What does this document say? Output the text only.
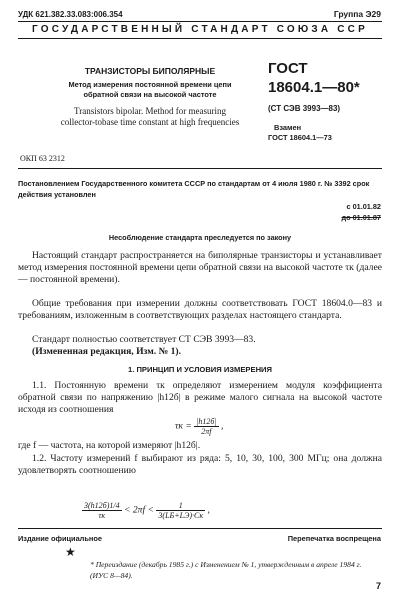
УДК 621.382.33.083:006.354	Группа Э29
ГОСУДАРСТВЕННЫЙ СТАНДАРТ СОЮЗА ССР
ТРАНЗИСТОРЫ БИПОЛЯРНЫЕ
Метод измерения постоянной времени цепи
обратной связи на высокой частоте
Transistors bipolar. Method for measuring
collector-tobase time constant at high frequencies
ГОСТ
18604.1—80*
(СТ СЭВ 3993—83)
Взамен
ГОСТ 18604.1—73
ОКП 63 2312
Постановлением Государственного комитета СССР по стандартам от 4 июля 1980 г. № 3392 срок действия установлен
с 01.01.82
до 01.01.87
Несоблюдение стандарта преследуется по закону
Настоящий стандарт распространяется на биполярные транзисторы и устанавливает метод измерения постоянной времени цепи обратной связи на высокой частоте τк (далее — постоянной времени).
Общие требования при измерении должны соответствовать ГОСТ 18604.0—83 и требованиям, изложенным в соответствующих разделах настоящего стандарта.
Стандарт полностью соответствует СТ СЭВ 3993—83.
(Измененная редакция, Изм. № 1).
1. ПРИНЦИП И УСЛОВИЯ ИЗМЕРЕНИЯ
1.1. Постоянную времени τк определяют измерением модуля коэффициента обратной связи по напряжению |h12б| в режиме малого сигнала на высокой частоте исходя из соотношения
$\tau к = \frac{|h12б|}{2\pi f}$ ,
где f — частота, на которой измеряют |h12б|.
1.2. Частоту измерений f выбирают из ряда: 5, 10, 30, 100, 300 МГц; она должна удовлетворять соотношению
$\frac{3(h12б)1/4}{\tau к} < 2\pi f < \frac{1}{3(LБ+LЭ)\cdot Cк}$ ,
Издание официальное	Перепечатка воспрещена
★
* Переиздание (декабрь 1985 г.) с Изменением № 1, утвержденным в апреле 1984 г. (ИУС 8—84).
7
